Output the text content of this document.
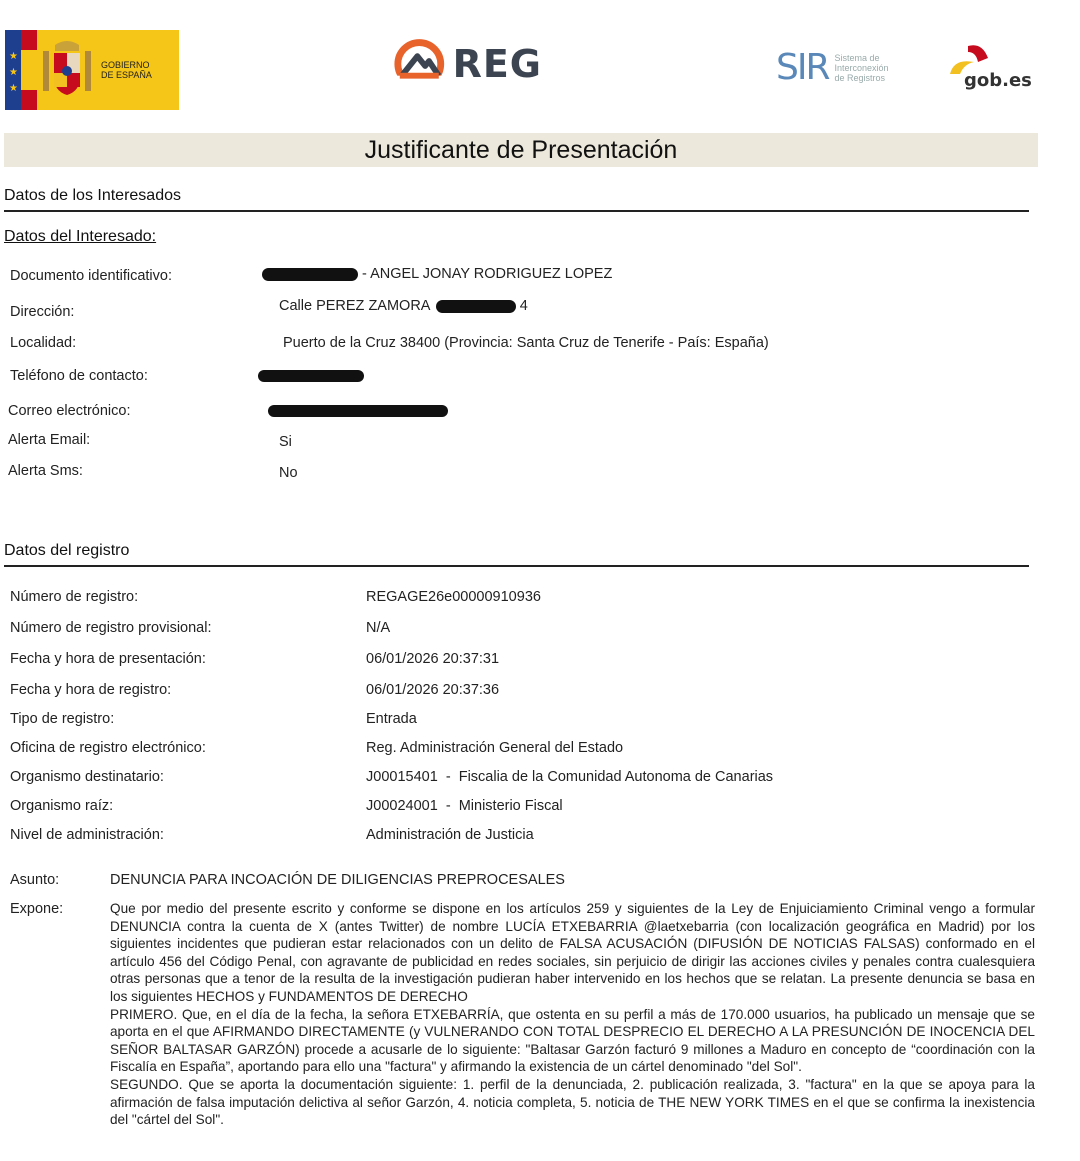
★
★
★
GOBIERNO
DE ESPAÑA	REG	SIR Sistema de
Interconexión
de Registros	gob.es
Justificante de Presentación
Datos de los Interesados
Datos del Interesado:
Documento identificativo:	- ANGEL JONAY RODRIGUEZ LOPEZ
Dirección:	Calle PEREZ ZAMORA	4
Localidad:	Puerto de la Cruz 38400 (Provincia: Santa Cruz de Tenerife - País: España)
Teléfono de contacto:
Correo electrónico:
Alerta Email:	Si
Alerta Sms:	No
Datos del registro
Número de registro:	REGAGE26e00000910936
Número de registro provisional:	N/A
Fecha y hora de presentación:	06/01/2026 20:37:31
Fecha y hora de registro:	06/01/2026 20:37:36
Tipo de registro:	Entrada
Oficina de registro electrónico:	Reg. Administración General del Estado
Organismo destinatario:	J00015401  -  Fiscalia de la Comunidad Autonoma de Canarias
Organismo raíz:	J00024001  -  Ministerio Fiscal
Nivel de administración:	Administración de Justicia
Asunto:	DENUNCIA PARA INCOACIÓN DE DILIGENCIAS PREPROCESALES
Expone:	Que por medio del presente escrito y conforme se dispone en los artículos 259 y siguientes de la Ley de Enjuiciamiento Criminal vengo a formular DENUNCIA contra la cuenta de X (antes Twitter) de nombre LUCÍA ETXEBARRIA @laetxebarria (con localización geográfica en Madrid) por los siguientes incidentes que pudieran estar relacionados con un delito de FALSA ACUSACIÓN (DIFUSIÓN DE NOTICIAS FALSAS) conformado en el artículo 456 del Código Penal, con agravante de publicidad en redes sociales, sin perjuicio de dirigir las acciones civiles y penales contra cualesquiera otras personas que a tenor de la resulta de la investigación pudieran haber intervenido en los hechos que se relatan. La presente denuncia se basa en los siguientes HECHOS y FUNDAMENTOS DE DERECHO

PRIMERO. Que, en el día de la fecha, la señora ETXEBARRÍA, que ostenta en su perfil a más de 170.000 usuarios, ha publicado un mensaje que se aporta en el que AFIRMANDO DIRECTAMENTE (y VULNERANDO CON TOTAL DESPRECIO EL DERECHO A LA PRESUNCIÓN DE INOCENCIA DEL SEÑOR BALTASAR GARZÓN) procede a acusarle de lo siguiente: "Baltasar Garzón facturó 9 millones a Maduro en concepto de “coordinación con la Fiscalía en España”, aportando para ello una "factura" y afirmando la existencia de un cártel denominado "del Sol".

SEGUNDO. Que se aporta la documentación siguiente: 1. perfil de la denunciada, 2. publicación realizada, 3. "factura" en la que se apoya para la afirmación de falsa imputación delictiva al señor Garzón, 4. noticia completa, 5. noticia de THE NEW YORK TIMES en el que se confirma la inexistencia del "cártel del Sol".
